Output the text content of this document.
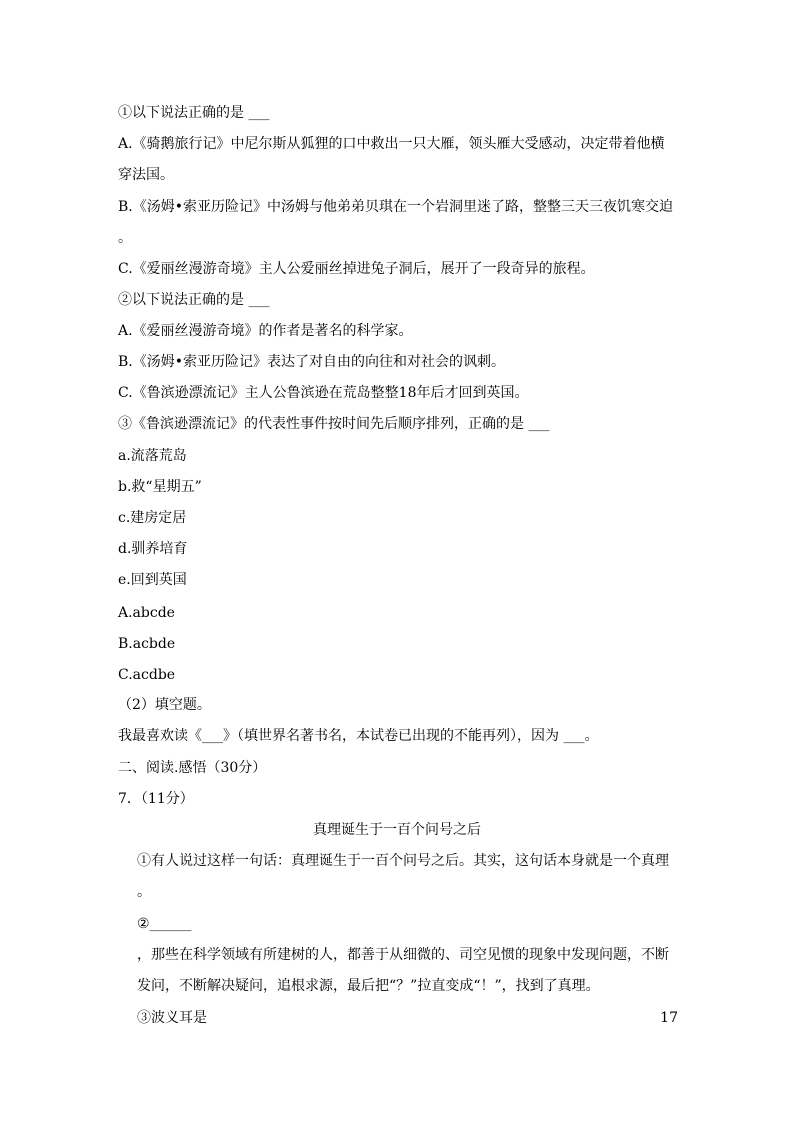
①以下说法正确的是 ___
A.《骑鹅旅行记》中尼尔斯从狐狸的口中救出一只大雁，领头雁大受感动，决定带着他横
穿法国。
B.《汤姆•索亚历险记》中汤姆与他弟弟贝琪在一个岩洞里迷了路，整整三天三夜饥寒交迫
。
C.《爱丽丝漫游奇境》主人公爱丽丝掉进兔子洞后，展开了一段奇异的旅程。
②以下说法正确的是 ___
A.《爱丽丝漫游奇境》的作者是著名的科学家。
B.《汤姆•索亚历险记》表达了对自由的向往和对社会的讽刺。
C.《鲁滨逊漂流记》主人公鲁滨逊在荒岛整整18年后才回到英国。
③《鲁滨逊漂流记》的代表性事件按时间先后顺序排列，正确的是 ___
a.流落荒岛
b.救“星期五”
c.建房定居
d.驯养培育
e.回到英国
A.abcde
B.acbde
C.acdbe
（2）填空题。
我最喜欢读《___》（填世界名著书名，本试卷已出现的不能再列），因为 ___。
二、阅读.感悟（30分）
7．（11分）
真理诞生于一百个问号之后
①有人说过这样一句话：真理诞生于一百个问号之后。其实，这句话本身就是一个真理
。
②______
，那些在科学领域有所建树的人，都善于从细微的、司空见惯的现象中发现问题，不断
发问，不断解决疑问，追根求源，最后把“？”拉直变成“！”，找到了真理。
③波义耳是	17
